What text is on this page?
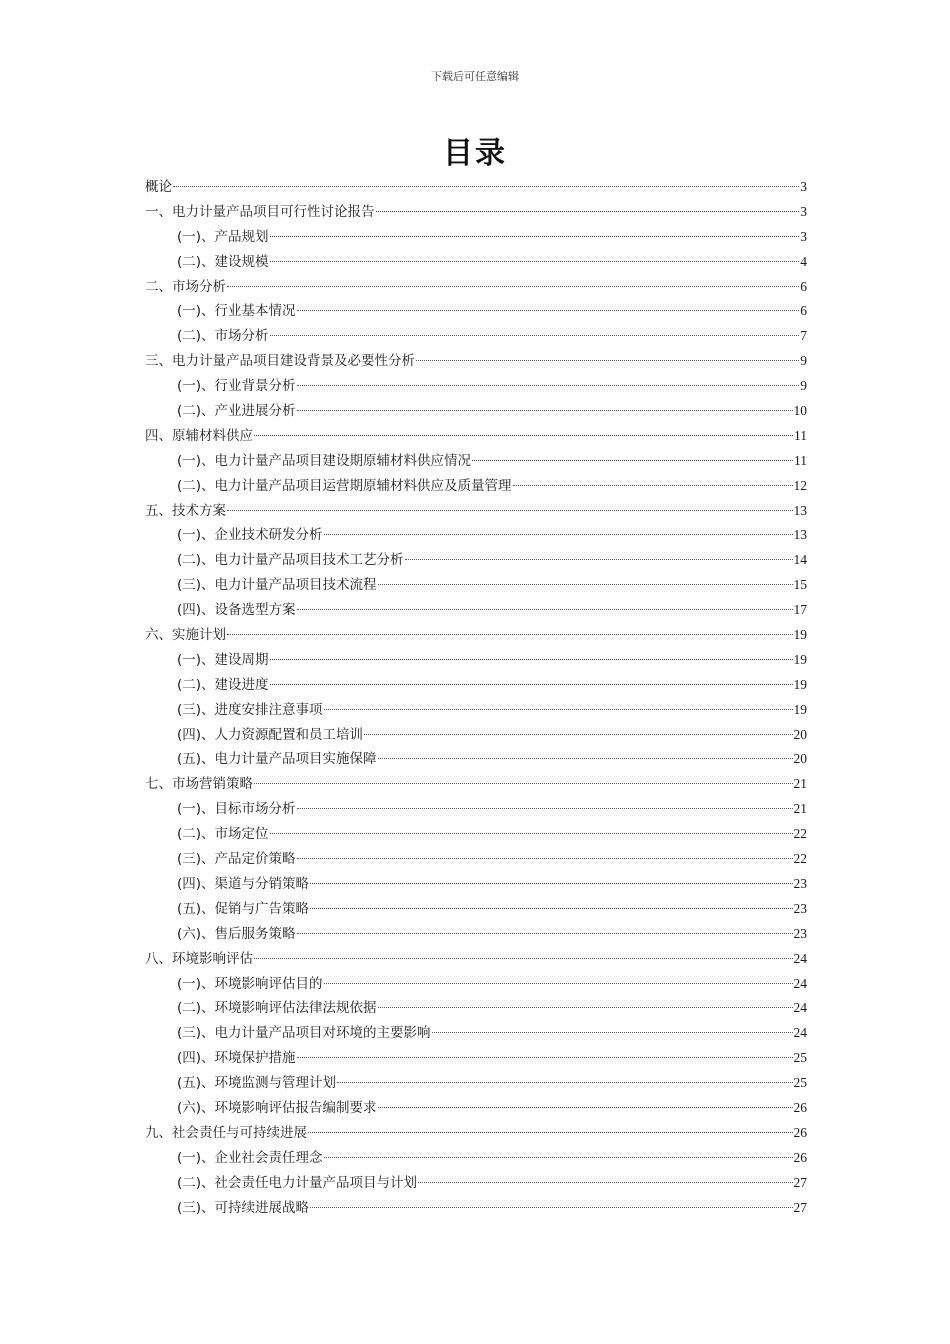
下载后可任意编辑
目录
概论	3
一、电力计量产品项目可行性讨论报告	3
(一)、产品规划	3
(二)、建设规模	4
二、市场分析	6
(一)、行业基本情况	6
(二)、市场分析	7
三、电力计量产品项目建设背景及必要性分析	9
(一)、行业背景分析	9
(二)、产业进展分析	10
四、原辅材料供应	11
(一)、电力计量产品项目建设期原辅材料供应情况	11
(二)、电力计量产品项目运营期原辅材料供应及质量管理	12
五、技术方案	13
(一)、企业技术研发分析	13
(二)、电力计量产品项目技术工艺分析	14
(三)、电力计量产品项目技术流程	15
(四)、设备选型方案	17
六、实施计划	19
(一)、建设周期	19
(二)、建设进度	19
(三)、进度安排注意事项	19
(四)、人力资源配置和员工培训	20
(五)、电力计量产品项目实施保障	20
七、市场营销策略	21
(一)、目标市场分析	21
(二)、市场定位	22
(三)、产品定价策略	22
(四)、渠道与分销策略	23
(五)、促销与广告策略	23
(六)、售后服务策略	23
八、环境影响评估	24
(一)、环境影响评估目的	24
(二)、环境影响评估法律法规依据	24
(三)、电力计量产品项目对环境的主要影响	24
(四)、环境保护措施	25
(五)、环境监测与管理计划	25
(六)、环境影响评估报告编制要求	26
九、社会责任与可持续进展	26
(一)、企业社会责任理念	26
(二)、社会责任电力计量产品项目与计划	27
(三)、可持续进展战略	27
